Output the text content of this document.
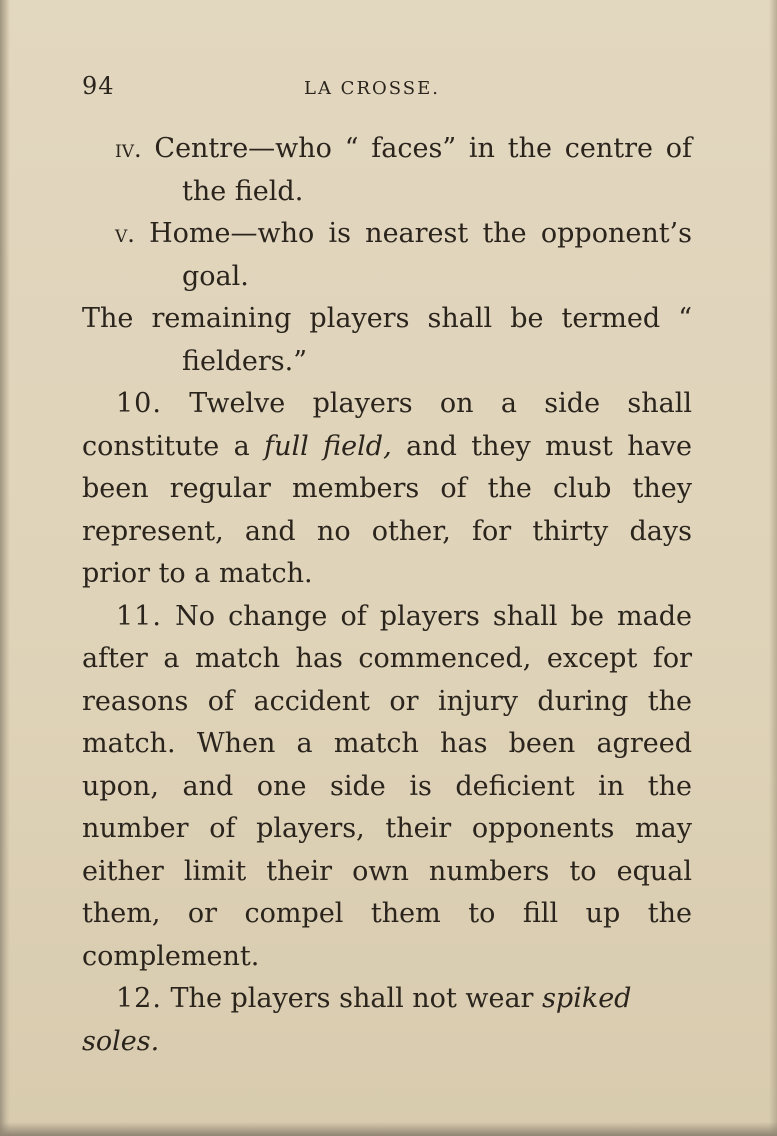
94	LA CROSSE.

iv. Centre—who “ faces” in the centre of the field.

v. Home—who is nearest the opponent’s goal.

The remaining players shall be termed “ fielders.”

10. Twelve players on a side shall constitute a full field, and they must have been regular members of the club they represent, and no other, for thirty days prior to a match.

11. No change of players shall be made after a match has commenced, except for reasons of accident or injury during the match. When a match has been agreed upon, and one side is deficient in the number of players, their opponents may either limit their own numbers to equal them, or compel them to fill up the complement.

12. The players shall not wear spiked soles.
